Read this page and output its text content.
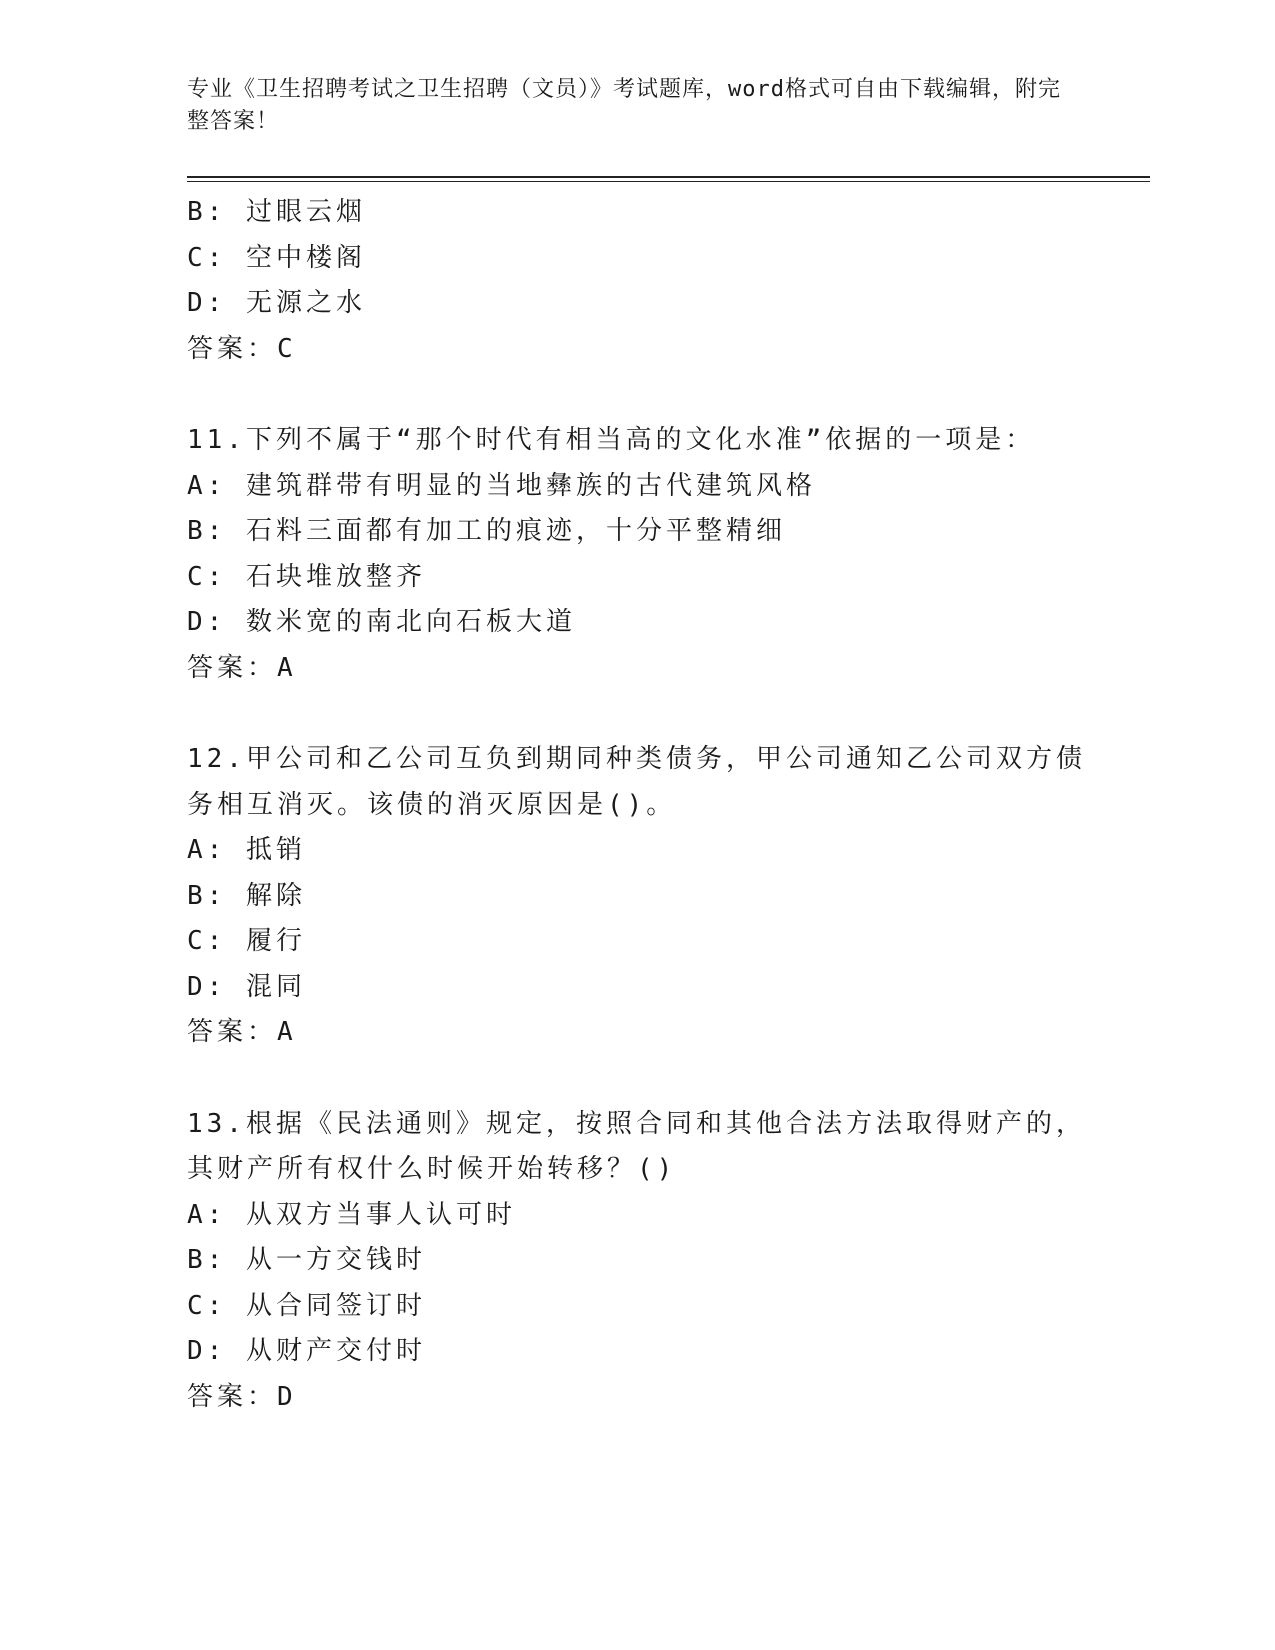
专业《卫生招聘考试之卫生招聘（文员）》考试题库，word格式可自由下载编辑，附完整答案！
B: 过眼云烟
C: 空中楼阁
D: 无源之水
答案：C
11.下列不属于“那个时代有相当高的文化水准”依据的一项是：
A: 建筑群带有明显的当地彝族的古代建筑风格
B: 石料三面都有加工的痕迹，十分平整精细
C: 石块堆放整齐
D: 数米宽的南北向石板大道
答案：A
12.甲公司和乙公司互负到期同种类债务，甲公司通知乙公司双方债务相互消灭。该债的消灭原因是()。
A: 抵销
B: 解除
C: 履行
D: 混同
答案：A
13.根据《民法通则》规定，按照合同和其他合法方法取得财产的，其财产所有权什么时候开始转移？()
A: 从双方当事人认可时
B: 从一方交钱时
C: 从合同签订时
D: 从财产交付时
答案：D
